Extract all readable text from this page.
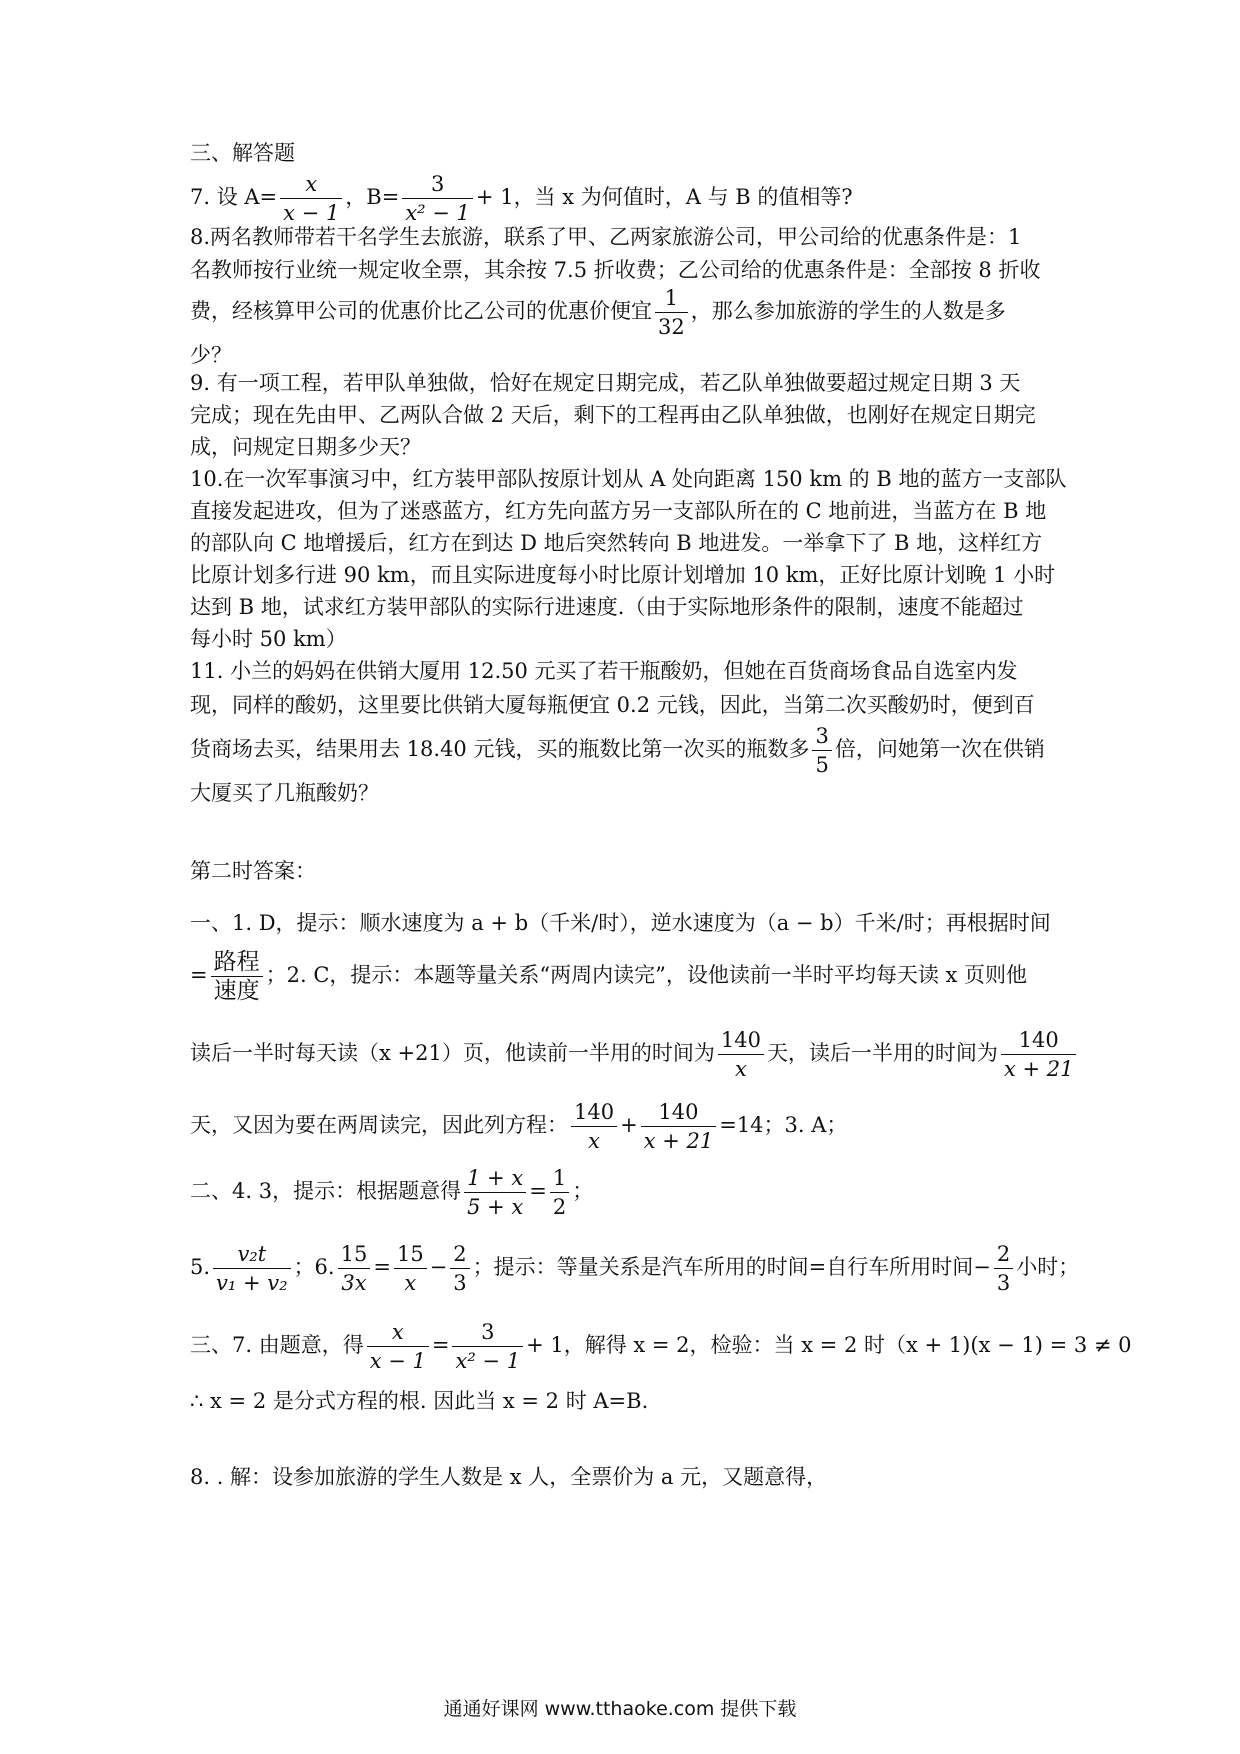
三、解答题
7. 设 $A= \frac{x}{x - 1}$ ，$B= \frac{3}{\text{x² − 1}} + 1$，当 x 为何值时，A 与 B 的值相等?
8.两名教师带若干名学生去旅游，联系了甲、乙两家旅游公司，甲公司给的优惠条件是：1
名教师按行业统一规定收全票，其余按 7.5 折收费；乙公司给的优惠条件是：全部按 8 折收
费，经核算甲公司的优惠价比乙公司的优惠价便宜 $\frac{1}{32}$ ，那么参加旅游的学生的人数是多
少？
9. 有一项工程，若甲队单独做，恰好在规定日期完成，若乙队单独做要超过规定日期 3 天
完成；现在先由甲、乙两队合做 2 天后，剩下的工程再由乙队单独做，也刚好在规定日期完
成，问规定日期多少天？
10.在一次军事演习中，红方装甲部队按原计划从 A 处向距离 150 km 的 B 地的蓝方一支部队
直接发起进攻，但为了迷惑蓝方，红方先向蓝方另一支部队所在的 C 地前进，当蓝方在 B 地
的部队向 C 地增援后，红方在到达 D 地后突然转向 B 地进发。一举拿下了 B 地，这样红方
比原计划多行进 90 km，而且实际进度每小时比原计划增加 10 km，正好比原计划晚 1 小时
达到 B 地，试求红方装甲部队的实际行进速度.（由于实际地形条件的限制，速度不能超过
每小时 50 km）
11. 小兰的妈妈在供销大厦用 12.50 元买了若干瓶酸奶，但她在百货商场食品自选室内发
现，同样的酸奶，这里要比供销大厦每瓶便宜 0.2 元钱，因此，当第二次买酸奶时，便到百
货商场去买，结果用去 18.40 元钱，买的瓶数比第一次买的瓶数多 $\frac{3}{5}$ 倍，问她第一次在供销
大厦买了几瓶酸奶？
第二时答案：
一、1. D，提示：顺水速度为 a + b（千米/时），逆水速度为（a − b）千米/时；再根据时间
= $\frac{\text{路程}}{\text{速度}}$ ；2. C，提示：本题等量关系“两周内读完”，设他读前一半时平均每天读 x 页则他
读后一半时每天读（x +21）页，他读前一半用的时间为 $\frac{140}{x}$ 天，读后一半用的时间为 $\frac{140}{x + 21}$
天，又因为要在两周读完，因此列方程： $\frac{140}{x} + \frac{140}{x + 21} =14$；3. A；
二、4. 3，提示：根据题意得 $\frac{1 + x}{5 + x} = \frac{1}{2}$ ；
5. $\frac{\text{v₂t}}{\text{v₁ + v₂}}$ ；6. $\frac{15}{3x} = \frac{15}{x} - \frac{2}{3}$ ；提示：等量关系是汽车所用的时间=自行车所用时间− $\frac{2}{3}$ 小时；
三、7. 由题意，得 $\frac{x}{x - 1} = \frac{3}{\text{x² − 1}} + 1$，解得 x = 2，检验：当 x = 2 时（x + 1)(x − 1) = 3 ≠ 0
∴ x = 2 是分式方程的根. 因此当 x = 2 时 A=B.
8. . 解：设参加旅游的学生人数是 x 人，全票价为 a 元，又题意得，
通通好课网 www.tthaoke.com 提供下载
